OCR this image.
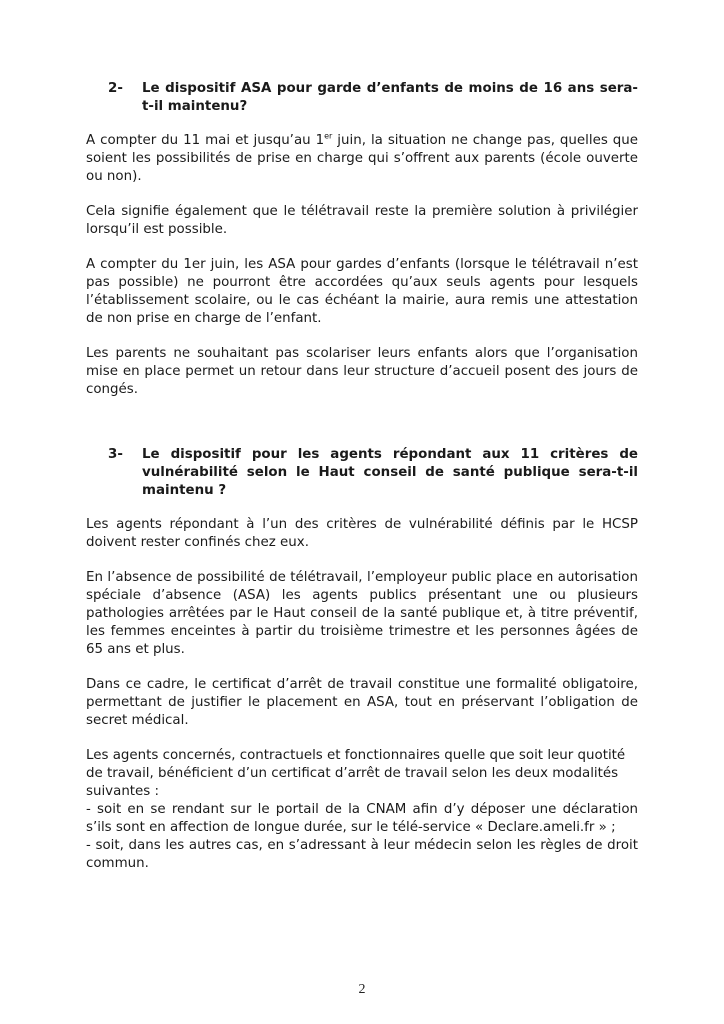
2-	Le dispositif ASA pour garde d’enfants de moins de 16 ans sera-t-il maintenu?

A compter du 11 mai et jusqu’au 1er juin, la situation ne change pas, quelles que soient les possibilités de prise en charge qui s’offrent aux parents (école ouverte ou non).

Cela signifie également que le télétravail reste la première solution à privilégier lorsqu’il est possible.

A compter du 1er juin, les ASA pour gardes d’enfants (lorsque le télétravail n’est pas possible) ne pourront être accordées qu’aux seuls agents pour lesquels l’établissement scolaire, ou le cas échéant la mairie, aura remis une attestation de non prise en charge de l’enfant.

Les parents ne souhaitant pas scolariser leurs enfants alors que l’organisation mise en place permet un retour dans leur structure d’accueil posent des jours de congés.

3-	Le dispositif pour les agents répondant aux 11 critères de vulnérabilité selon le Haut conseil de santé publique sera-t-il maintenu ?

Les agents répondant à l’un des critères de vulnérabilité définis par le HCSP doivent rester confinés chez eux.

En l’absence de possibilité de télétravail, l’employeur public place en autorisation spéciale d’absence (ASA) les agents publics présentant une ou plusieurs pathologies arrêtées par le Haut conseil de la santé publique et, à titre préventif, les femmes enceintes à partir du troisième trimestre et les personnes âgées de 65 ans et plus.

Dans ce cadre, le certificat d’arrêt de travail constitue une formalité obligatoire, permettant de justifier le placement en ASA, tout en préservant l’obligation de secret médical.

Les agents concernés, contractuels et fonctionnaires quelle que soit leur quotité de travail, bénéficient d’un certificat d’arrêt de travail selon les deux modalités suivantes :

- soit en se rendant sur le portail de la CNAM afin d’y déposer une déclaration s’ils sont en affection de longue durée, sur le télé-service « Declare.ameli.fr » ;

- soit, dans les autres cas, en s’adressant à leur médecin selon les règles de droit commun.

2
